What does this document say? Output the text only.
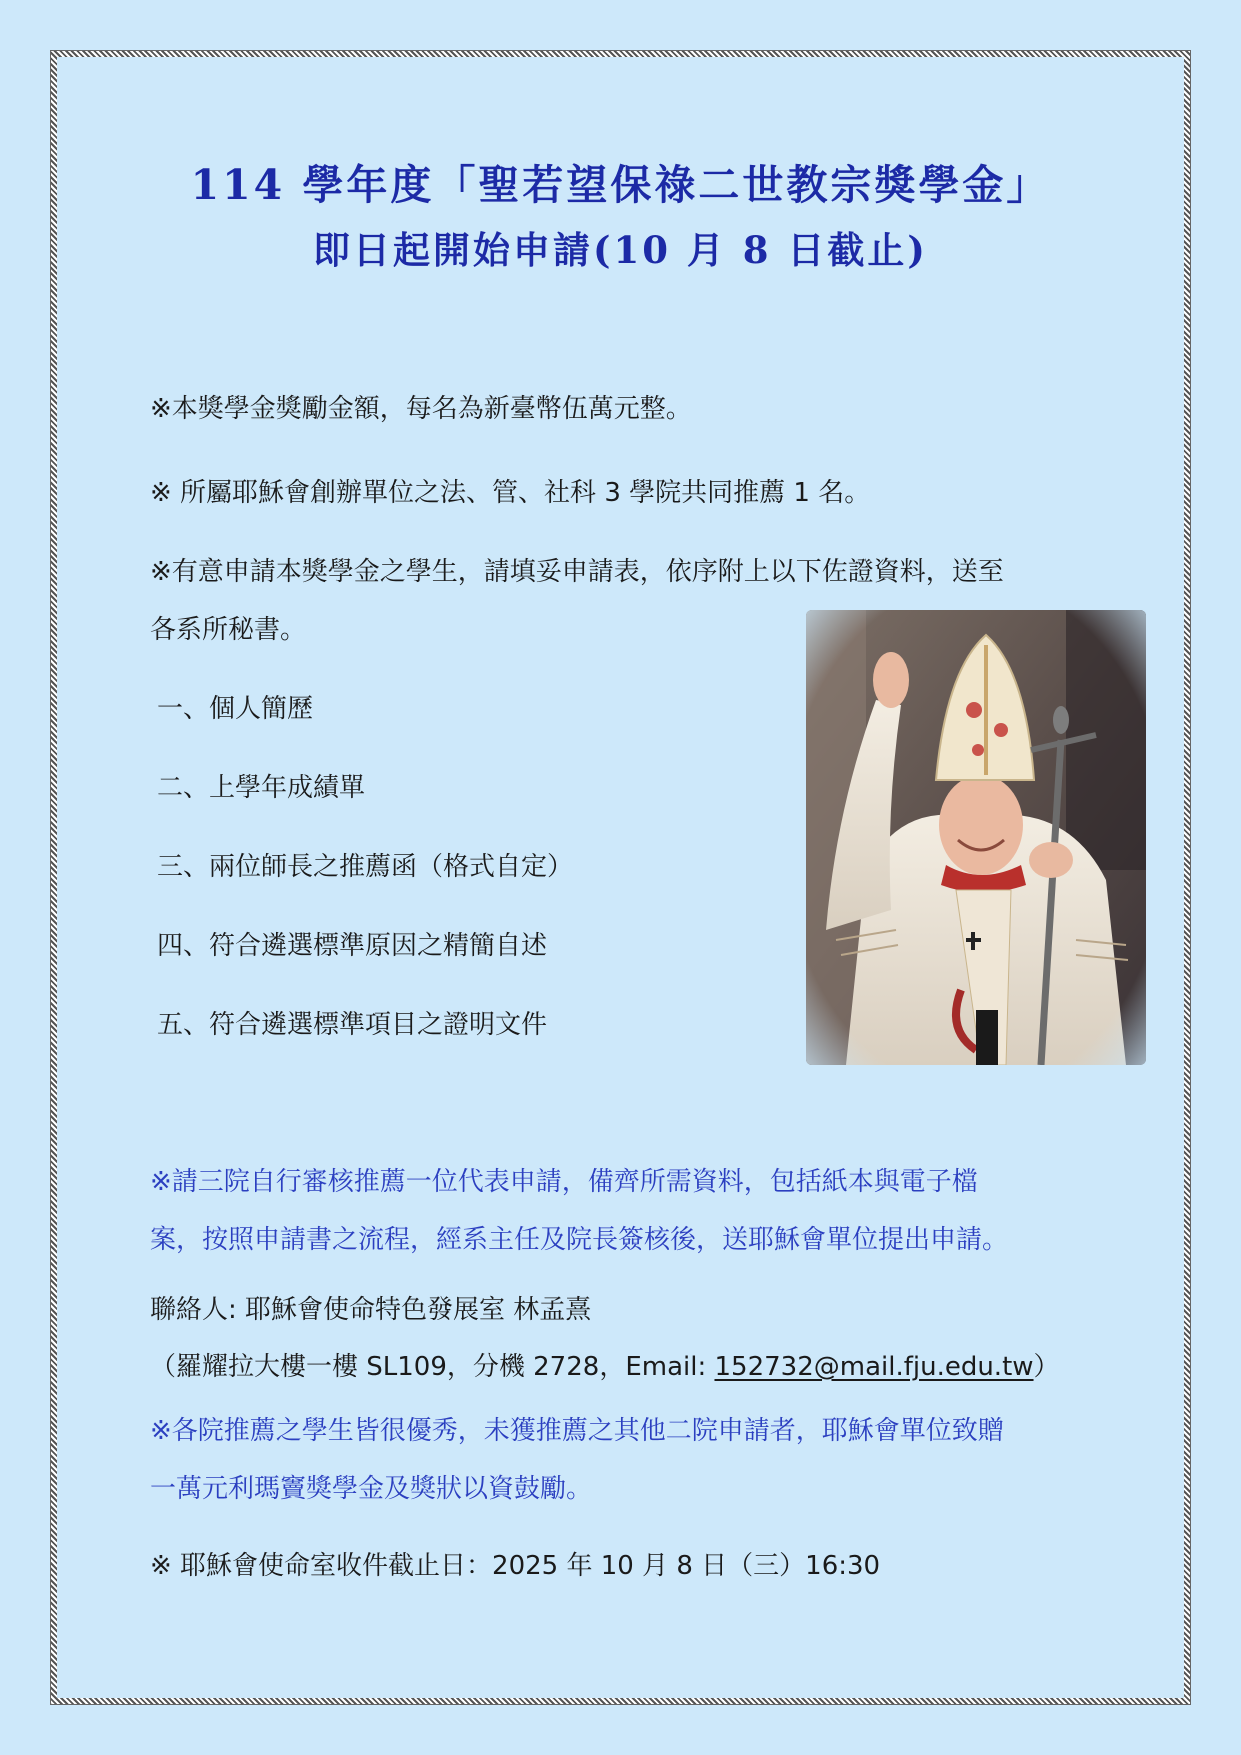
114 學年度「聖若望保祿二世教宗獎學金」
即日起開始申請(10 月 8 日截止)
※本獎學金獎勵金額，每名為新臺幣伍萬元整。
※ 所屬耶穌會創辦單位之法、管、社科 3 學院共同推薦 1 名。
※有意申請本獎學金之學生，請填妥申請表，依序附上以下佐證資料，送至
各系所秘書。
一、個人簡歷
二、上學年成績單
三、兩位師長之推薦函（格式自定）
四、符合遴選標準原因之精簡自述
五、符合遴選標準項目之證明文件
※請三院自行審核推薦一位代表申請，備齊所需資料，包括紙本與電子檔
案，按照申請書之流程，經系主任及院長簽核後，送耶穌會單位提出申請。
聯絡人: 耶穌會使命特色發展室 林孟熹
（羅耀拉大樓一樓 SL109，分機 2728，Email: 152732@mail.fju.edu.tw）
※各院推薦之學生皆很優秀，未獲推薦之其他二院申請者，耶穌會單位致贈
一萬元利瑪竇獎學金及獎狀以資鼓勵。
※ 耶穌會使命室收件截止日：2025 年 10 月 8 日（三）16:30
